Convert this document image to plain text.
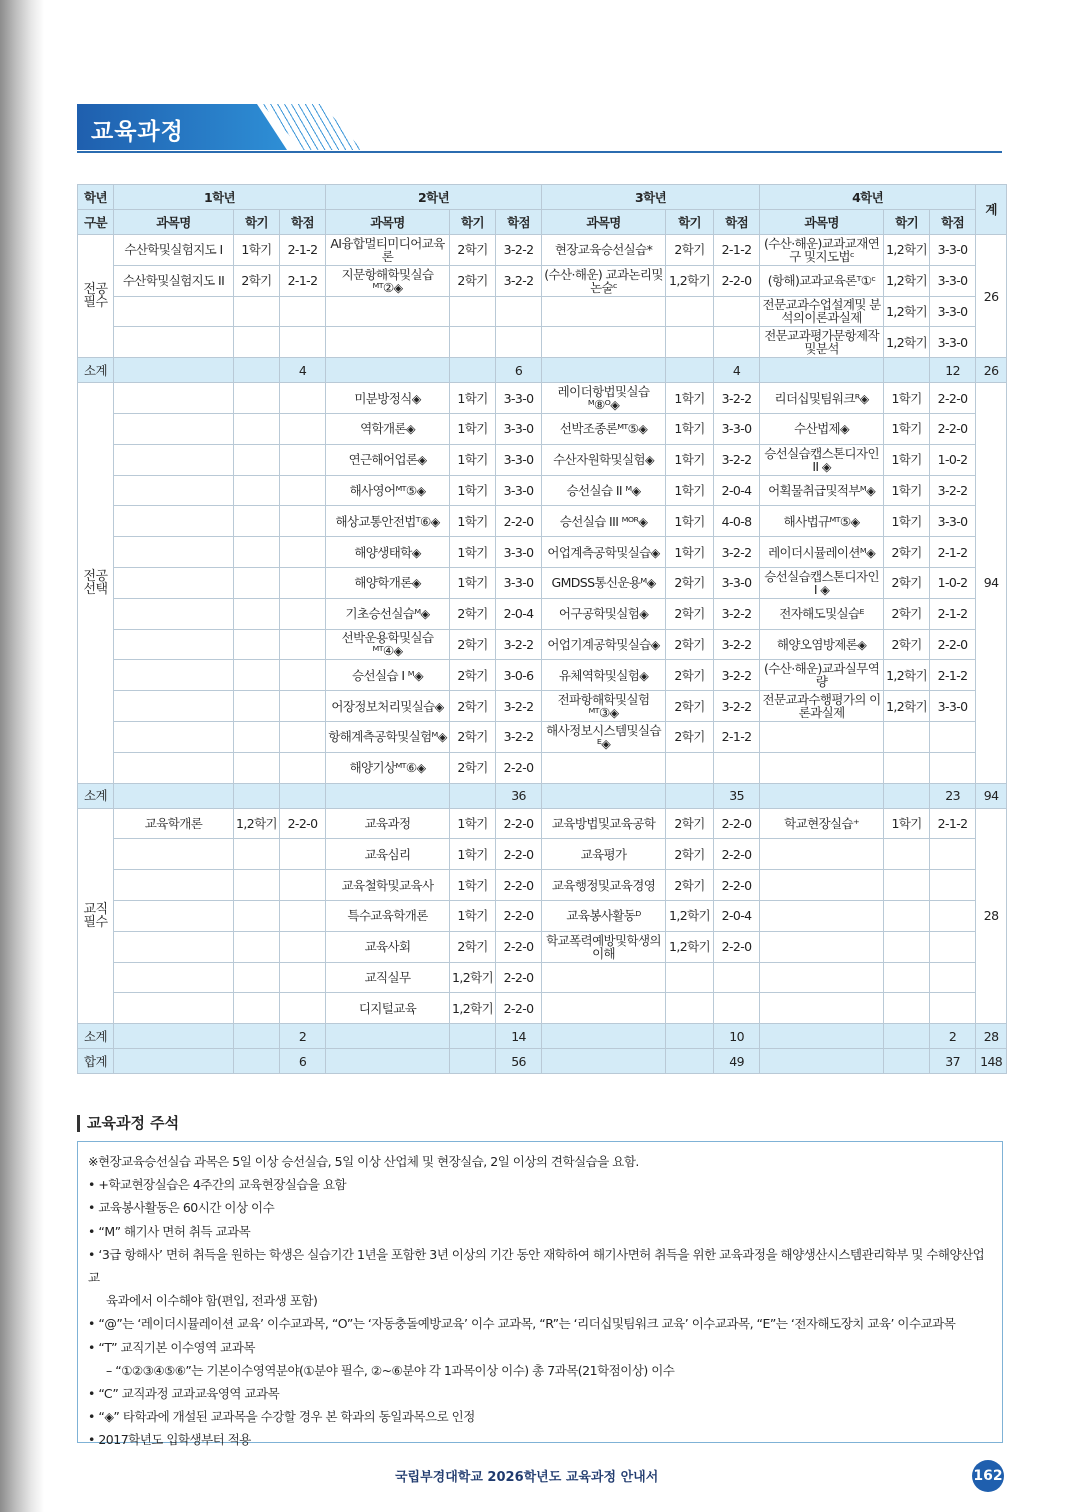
교육과정
학년	1학년			2학년			3학년			4학년			계
구분	과목명	학기	학점	과목명	학기	학점	과목명	학기	학점	과목명	학기	학점	
전공 필수	수산학및실험지도 I	1학기	2-1-2	AI융합멀티미디어교육론	2학기	3-2-2	현장교육승선실습*	2학기	2-1-2	(수산·해운)교과교재연구 및지도법ᶜ	1,2학기	3-3-0	26
	수산학및실험지도 II	2학기	2-1-2	지문항해학및실습ᴹᵀ②◈	2학기	3-2-2	(수산·해운) 교과논리및논술ᶜ	1,2학기	2-2-0	(항해)교과교육론ᵀ①ᶜ	1,2학기	3-3-0	
										전문교과수업설계및 분석의이론과실제	1,2학기	3-3-0	
										전문교과평가문항제작 및분석	1,2학기	3-3-0	
소계			4			6			4			12	26
전공 선택				미분방정식◈	1학기	3-3-0	레이더항법및실습ᴹ⑧ᴼ◈	1학기	3-2-2	리더십및팀워크ᴿ◈	1학기	2-2-0	94
				역학개론◈	1학기	3-3-0	선박조종론ᴹᵀ⑤◈	1학기	3-3-0	수산법제◈	1학기	2-2-0	
				연근해어업론◈	1학기	3-3-0	수산자원학및실험◈	1학기	3-2-2	승선실습캡스톤디자인 II ◈	1학기	1-0-2	
				해사영어ᴹᵀ⑤◈	1학기	3-3-0	승선실습 II ᴹ◈	1학기	2-0-4	어획물취급및적부ᴹ◈	1학기	3-2-2	
				해상교통안전법ᵀ⑥◈	1학기	2-2-0	승선실습 III ᴹᴼᴿ◈	1학기	4-0-8	해사법규ᴹᵀ⑤◈	1학기	3-3-0	
				해양생태학◈	1학기	3-3-0	어업계측공학및실습◈	1학기	3-2-2	레이더시뮬레이션ᴹ◈	2학기	2-1-2	
				해양학개론◈	1학기	3-3-0	GMDSS통신운용ᴹ◈	2학기	3-3-0	승선실습캡스톤디자인 I ◈	2학기	1-0-2	
				기초승선실습ᴹ◈	2학기	2-0-4	어구공학및실험◈	2학기	3-2-2	전자해도및실습ᴱ	2학기	2-1-2	
				선박운용학및실습ᴹᵀ④◈	2학기	3-2-2	어업기계공학및실습◈	2학기	3-2-2	해양오염방제론◈	2학기	2-2-0	
				승선실습 I ᴹ◈	2학기	3-0-6	유체역학및실험◈	2학기	3-2-2	(수산·해운)교과실무역량	1,2학기	2-1-2	
				어장정보처리및실습◈	2학기	3-2-2	전파항해학및실험ᴹᵀ③◈	2학기	3-2-2	전문교과수행평가의 이론과실제	1,2학기	3-3-0	
				항해계측공학및실험ᴹ◈	2학기	3-2-2	해사정보시스템및실습ᴱ◈	2학기	2-1-2				
				해양기상ᴹᵀ⑥◈	2학기	2-2-0							
소계						36			35			23	94
교직 필수	교육학개론	1,2학기	2-2-0	교육과정	1학기	2-2-0	교육방법및교육공학	2학기	2-2-0	학교현장실습⁺	1학기	2-1-2	28
				교육심리	1학기	2-2-0	교육평가	2학기	2-2-0				
				교육철학및교육사	1학기	2-2-0	교육행정및교육경영	2학기	2-2-0				
				특수교육학개론	1학기	2-2-0	교육봉사활동ᴰ	1,2학기	2-0-4				
				교육사회	2학기	2-2-0	학교폭력예방및학생의 이해	1,2학기	2-2-0				
				교직실무	1,2학기	2-2-0							
				디지털교육	1,2학기	2-2-0							
소계			2			14			10			2	28
합계			6			56			49			37	148
교육과정 주석
※현장교육승선실습 과목은 5일 이상 승선실습, 5일 이상 산업체 및 현장실습, 2일 이상의 견학실습을 요함.
• +학교현장실습은 4주간의 교육현장실습을 요함
• 교육봉사활동은 60시간 이상 이수
• “M” 해기사 면허 취득 교과목
• ‘3급 항해사’ 면허 취득을 원하는 학생은 실습기간 1년을 포함한 3년 이상의 기간 동안 재학하여 해기사면허 취득을 위한 교육과정을 해양생산시스템관리학부 및 수해양산업교
육과에서 이수해야 함(편입, 전과생 포함)
• “@”는 ‘레이더시뮬레이션 교육’ 이수교과목, “O”는 ‘자동충돌예방교육’ 이수 교과목, “R”는 ‘리더십및팀워크 교육’ 이수교과목, “E”는 ‘전자해도장치 교육’ 이수교과목
• “T” 교직기본 이수영역 교과목
– “①②③④⑤⑥”는 기본이수영역분야(①분야 필수, ②~⑥분야 각 1과목이상 이수) 총 7과목(21학점이상) 이수
• “C” 교직과정 교과교육영역 교과목
• “◈” 타학과에 개설된 교과목을 수강할 경우 본 학과의 동일과목으로 인정
• 2017학년도 입학생부터 적용
국립부경대학교 2026학년도 교육과정 안내서	162
